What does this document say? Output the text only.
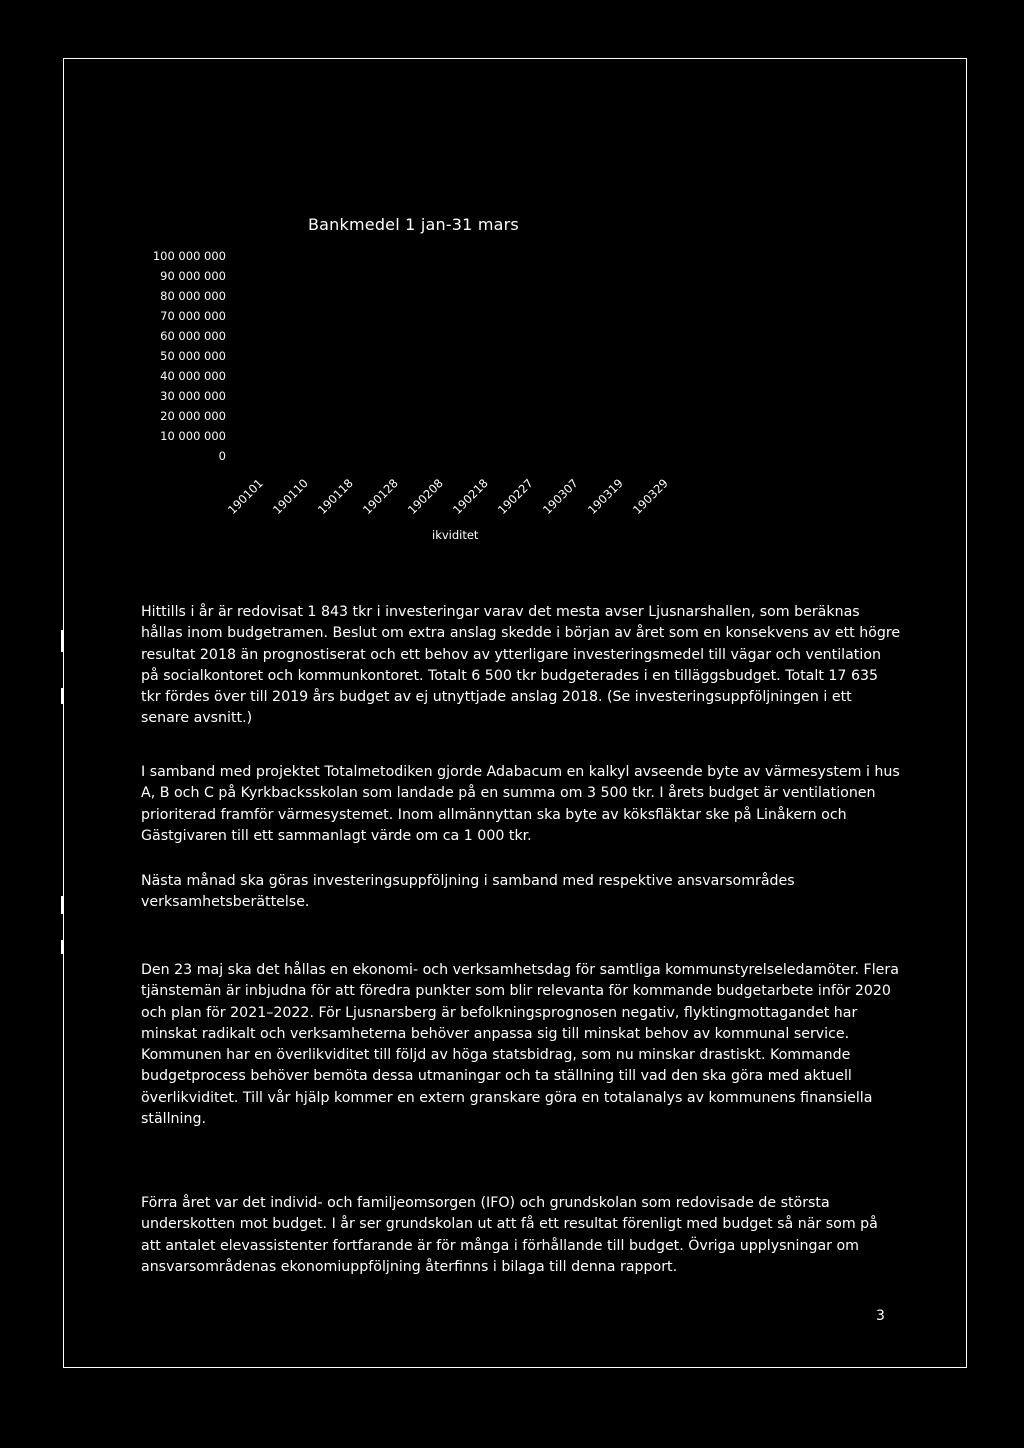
Bankmedel 1 jan-31 mars
100 000 000
90 000 000
80 000 000
70 000 000
60 000 000
50 000 000
40 000 000
30 000 000
20 000 000
10 000 000
0
190101 190110 190118 190128 190208 190218 190227 190307 190319 190329
ikviditet

Hittills i år är redovisat 1 843 tkr i investeringar varav det mesta avser Ljusnarshallen, som beräknas hållas inom budgetramen. Beslut om extra anslag skedde i början av året som en konsekvens av ett högre resultat 2018 än prognostiserat och ett behov av ytterligare investeringsmedel till vägar och ventilation på socialkontoret och kommunkontoret. Totalt 6 500 tkr budgeterades i en tilläggsbudget. Totalt 17 635 tkr fördes över till 2019 års budget av ej utnyttjade anslag 2018. (Se investeringsuppföljningen i ett senare avsnitt.)

I samband med projektet Totalmetodiken gjorde Adabacum en kalkyl avseende byte av värmesystem i hus A, B och C på Kyrkbacksskolan som landade på en summa om 3 500 tkr. I årets budget är ventilationen prioriterad framför värmesystemet. Inom allmännyttan ska byte av köksfläktar ske på Linåkern och Gästgivaren till ett sammanlagt värde om ca 1 000 tkr.

Nästa månad ska göras investeringsuppföljning i samband med respektive ansvarsområdes verksamhetsberättelse.

Den 23 maj ska det hållas en ekonomi- och verksamhetsdag för samtliga kommunstyrelseledamöter. Flera tjänstemän är inbjudna för att föredra punkter som blir relevanta för kommande budgetarbete inför 2020 och plan för 2021–2022. För Ljusnarsberg är befolkningsprognosen negativ, flyktingmottagandet har minskat radikalt och verksamheterna behöver anpassa sig till minskat behov av kommunal service. Kommunen har en överlikviditet till följd av höga statsbidrag, som nu minskar drastiskt. Kommande budgetprocess behöver bemöta dessa utmaningar och ta ställning till vad den ska göra med aktuell överlikviditet. Till vår hjälp kommer en extern granskare göra en totalanalys av kommunens finansiella ställning.

Förra året var det individ- och familjeomsorgen (IFO) och grundskolan som redovisade de största underskotten mot budget. I år ser grundskolan ut att få ett resultat förenligt med budget så när som på att antalet elevassistenter fortfarande är för många i förhållande till budget. Övriga upplysningar om ansvarsområdenas ekonomiuppföljning återfinns i bilaga till denna rapport.

3
